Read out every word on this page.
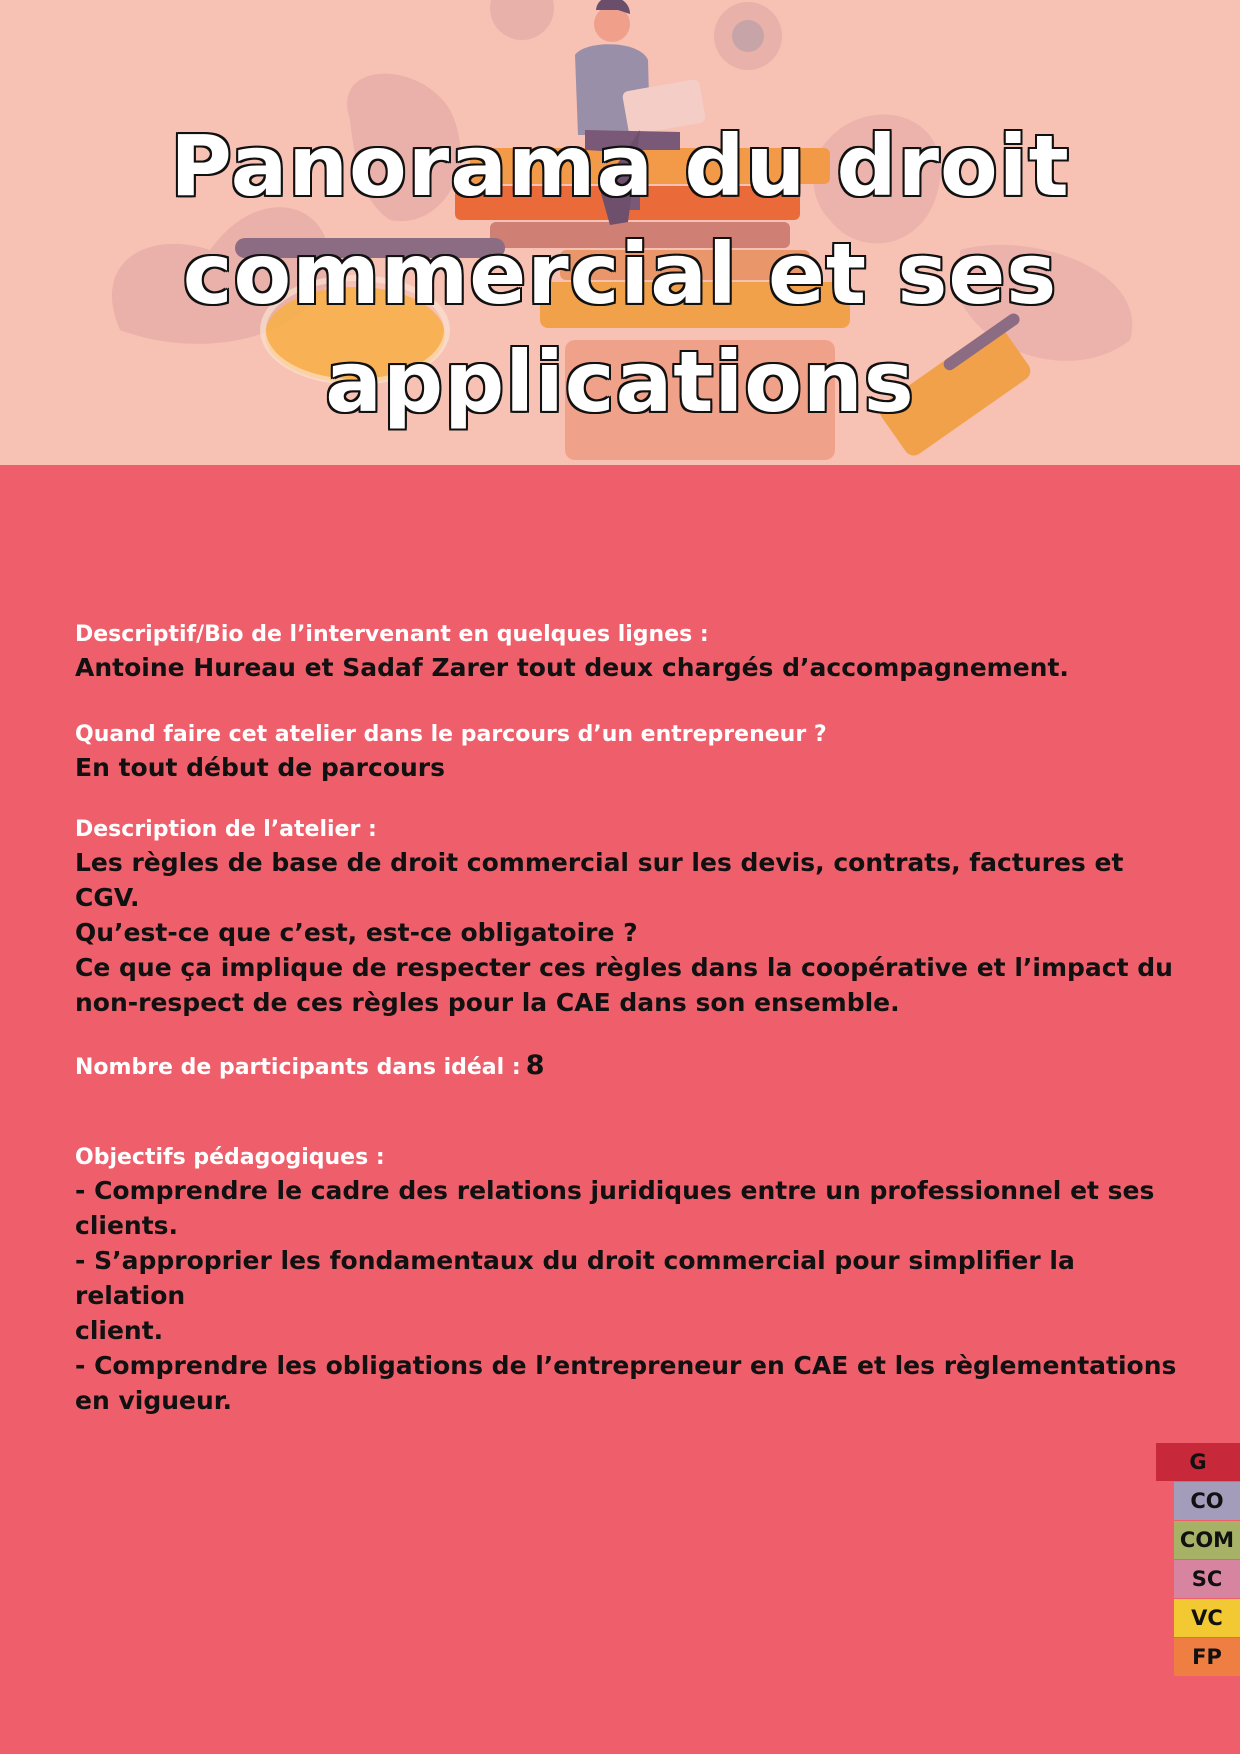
Panorama du droit
commercial et ses
applications
Descriptif/Bio de l’intervenant en quelques lignes :
Antoine Hureau et Sadaf Zarer tout deux chargés d’accompagnement.
Quand faire cet atelier dans le parcours d’un entrepreneur ?
En tout début de parcours
Description de l’atelier :
Les règles de base de droit commercial sur les devis, contrats, factures et CGV.
Qu’est-ce que c’est, est-ce obligatoire ?
Ce que ça implique de respecter ces règles dans la coopérative et l’impact du
non-respect de ces règles pour la CAE dans son ensemble.
Nombre de participants dans idéal : 8
Objectifs pédagogiques :
- Comprendre le cadre des relations juridiques entre un professionnel et ses
clients.
- S’approprier les fondamentaux du droit commercial pour simplifier la relation
client.
- Comprendre les obligations de l’entrepreneur en CAE et les règlementations
en vigueur.
G
CO
COM
SC
VC
FP
